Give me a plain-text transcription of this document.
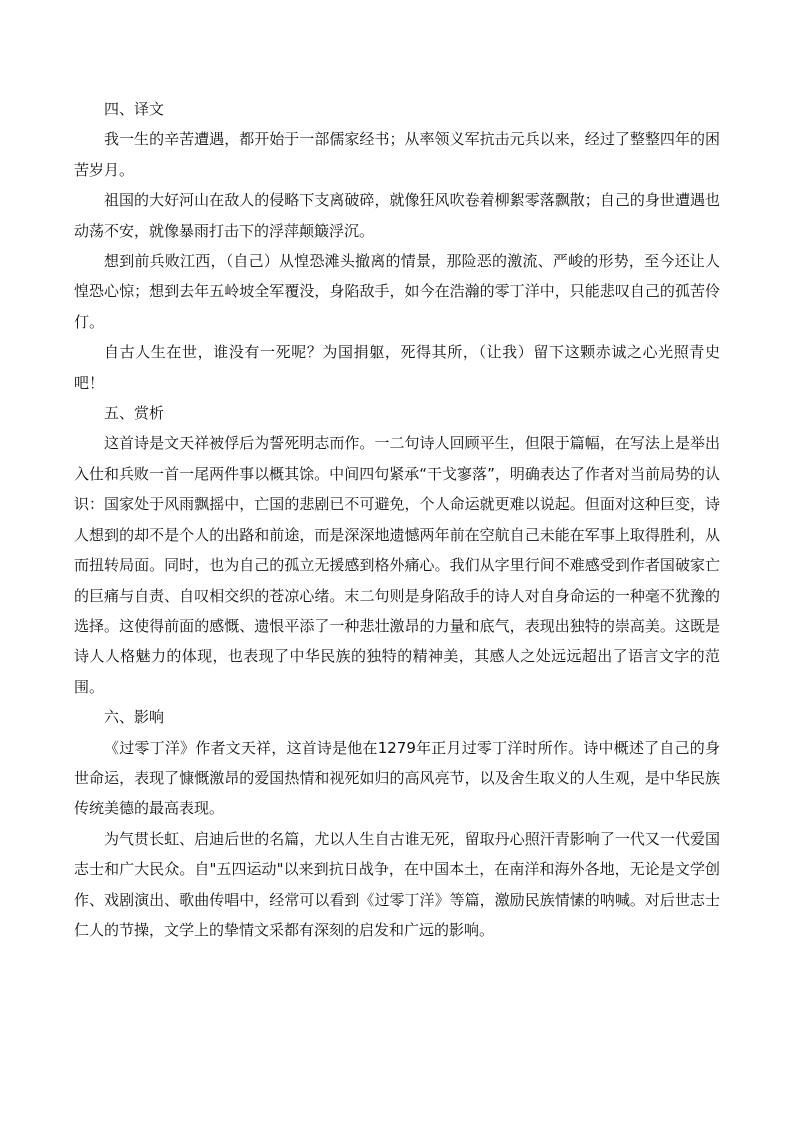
四、译文

我一生的辛苦遭遇，都开始于一部儒家经书；从率领义军抗击元兵以来，经过了整整四年的困苦岁月。

祖国的大好河山在敌人的侵略下支离破碎，就像狂风吹卷着柳絮零落飘散；自己的身世遭遇也动荡不安，就像暴雨打击下的浮萍颠簸浮沉。

想到前兵败江西，（自己）从惶恐滩头撤离的情景，那险恶的激流、严峻的形势，至今还让人惶恐心惊；想到去年五岭坡全军覆没，身陷敌手，如今在浩瀚的零丁洋中，只能悲叹自己的孤苦伶仃。

自古人生在世，谁没有一死呢？为国捐躯，死得其所，（让我）留下这颗赤诚之心光照青史吧！

五、赏析

这首诗是文天祥被俘后为誓死明志而作。一二句诗人回顾平生，但限于篇幅，在写法上是举出入仕和兵败一首一尾两件事以概其馀。中间四句紧承“干戈寥落”，明确表达了作者对当前局势的认识：国家处于风雨飘摇中，亡国的悲剧已不可避免，个人命运就更难以说起。但面对这种巨变，诗人想到的却不是个人的出路和前途，而是深深地遗憾两年前在空航自己未能在军事上取得胜利，从而扭转局面。同时，也为自己的孤立无援感到格外痛心。我们从字里行间不难感受到作者国破家亡的巨痛与自责、自叹相交织的苍凉心绪。末二句则是身陷敌手的诗人对自身命运的一种毫不犹豫的选择。这使得前面的感慨、遗恨平添了一种悲壮激昂的力量和底气，表现出独特的崇高美。这既是诗人人格魅力的体现，也表现了中华民族的独特的精神美，其感人之处远远超出了语言文字的范围。

六、影响

《过零丁洋》作者文天祥，这首诗是他在1279年正月过零丁洋时所作。诗中概述了自己的身世命运，表现了慷慨激昂的爱国热情和视死如归的高风亮节，以及舍生取义的人生观，是中华民族传统美德的最高表现。

为气贯长虹、启迪后世的名篇，尤以人生自古谁无死，留取丹心照汗青影响了一代又一代爱国志士和广大民众。自"五四运动"以来到抗日战争，在中国本土，在南洋和海外各地，无论是文学创作、戏剧演出、歌曲传唱中，经常可以看到《过零丁洋》等篇，激励民族情愫的呐喊。对后世志士仁人的节操，文学上的挚情文采都有深刻的启发和广远的影响。
